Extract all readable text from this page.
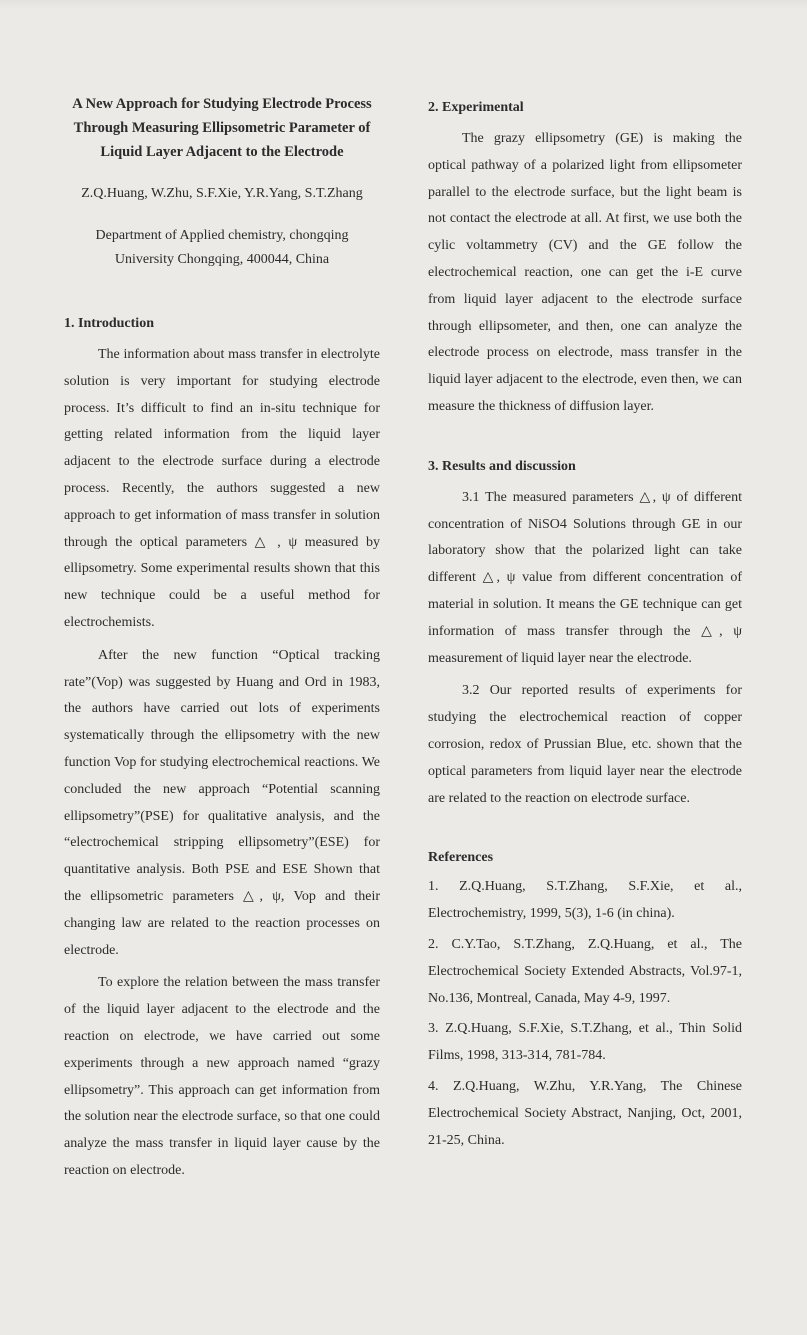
A New Approach for Studying Electrode Process

Through Measuring Ellipsometric Parameter of

Liquid Layer Adjacent to the Electrode

Z.Q.Huang, W.Zhu, S.F.Xie, Y.R.Yang, S.T.Zhang

Department of Applied chemistry, chongqing
University Chongqing, 400044, China
1. Introduction

The information about mass transfer in electrolyte solution is very important for studying electrode process. It’s difficult to find an in-situ technique for getting related information from the liquid layer adjacent to the electrode surface during a electrode process. Recently, the authors suggested a new approach to get information of mass transfer in solution through the optical parameters △ , ψ measured by ellipsometry. Some experimental results shown that this new technique could be a useful method for electrochemists.

After the new function “Optical tracking rate”(Vop) was suggested by Huang and Ord in 1983, the authors have carried out lots of experiments systematically through the ellipsometry with the new function Vop for studying electrochemical reactions. We concluded the new approach “Potential scanning ellipsometry”(PSE) for qualitative analysis, and the “electrochemical stripping ellipsometry”(ESE) for quantitative analysis. Both PSE and ESE Shown that the ellipsometric parameters △, ψ, Vop and their changing law are related to the reaction processes on electrode.

To explore the relation between the mass transfer of the liquid layer adjacent to the electrode and the reaction on electrode, we have carried out some experiments through a new approach named “grazy ellipsometry”. This approach can get information from the solution near the electrode surface, so that one could analyze the mass transfer in liquid layer cause by the reaction on electrode.

2. Experimental

The grazy ellipsometry (GE) is making the optical pathway of a polarized light from ellipsometer parallel to the electrode surface, but the light beam is not contact the electrode at all. At first, we use both the cylic voltammetry (CV) and the GE follow the electrochemical reaction, one can get the i-E curve from liquid layer adjacent to the electrode surface through ellipsometer, and then, one can analyze the electrode process on electrode, mass transfer in the liquid layer adjacent to the electrode, even then, we can measure the thickness of diffusion layer.

3. Results and discussion

3.1 The measured parameters △, ψ of different concentration of NiSO4 Solutions through GE in our laboratory show that the polarized light can take different △, ψ value from different concentration of material in solution. It means the GE technique can get information of mass transfer through the △, ψ measurement of liquid layer near the electrode.

3.2 Our reported results of experiments for studying the electrochemical reaction of copper corrosion, redox of Prussian Blue, etc. shown that the optical parameters from liquid layer near the electrode are related to the reaction on electrode surface.

References
1. Z.Q.Huang, S.T.Zhang, S.F.Xie, et al., Electrochemistry, 1999, 5(3), 1-6 (in china).
2. C.Y.Tao, S.T.Zhang, Z.Q.Huang, et al., The Electrochemical Society Extended Abstracts, Vol.97-1, No.136, Montreal, Canada, May 4-9, 1997.
3. Z.Q.Huang, S.F.Xie, S.T.Zhang, et al., Thin Solid Films, 1998, 313-314, 781-784.
4. Z.Q.Huang, W.Zhu, Y.R.Yang, The Chinese Electrochemical Society Abstract, Nanjing, Oct, 2001, 21-25, China.
